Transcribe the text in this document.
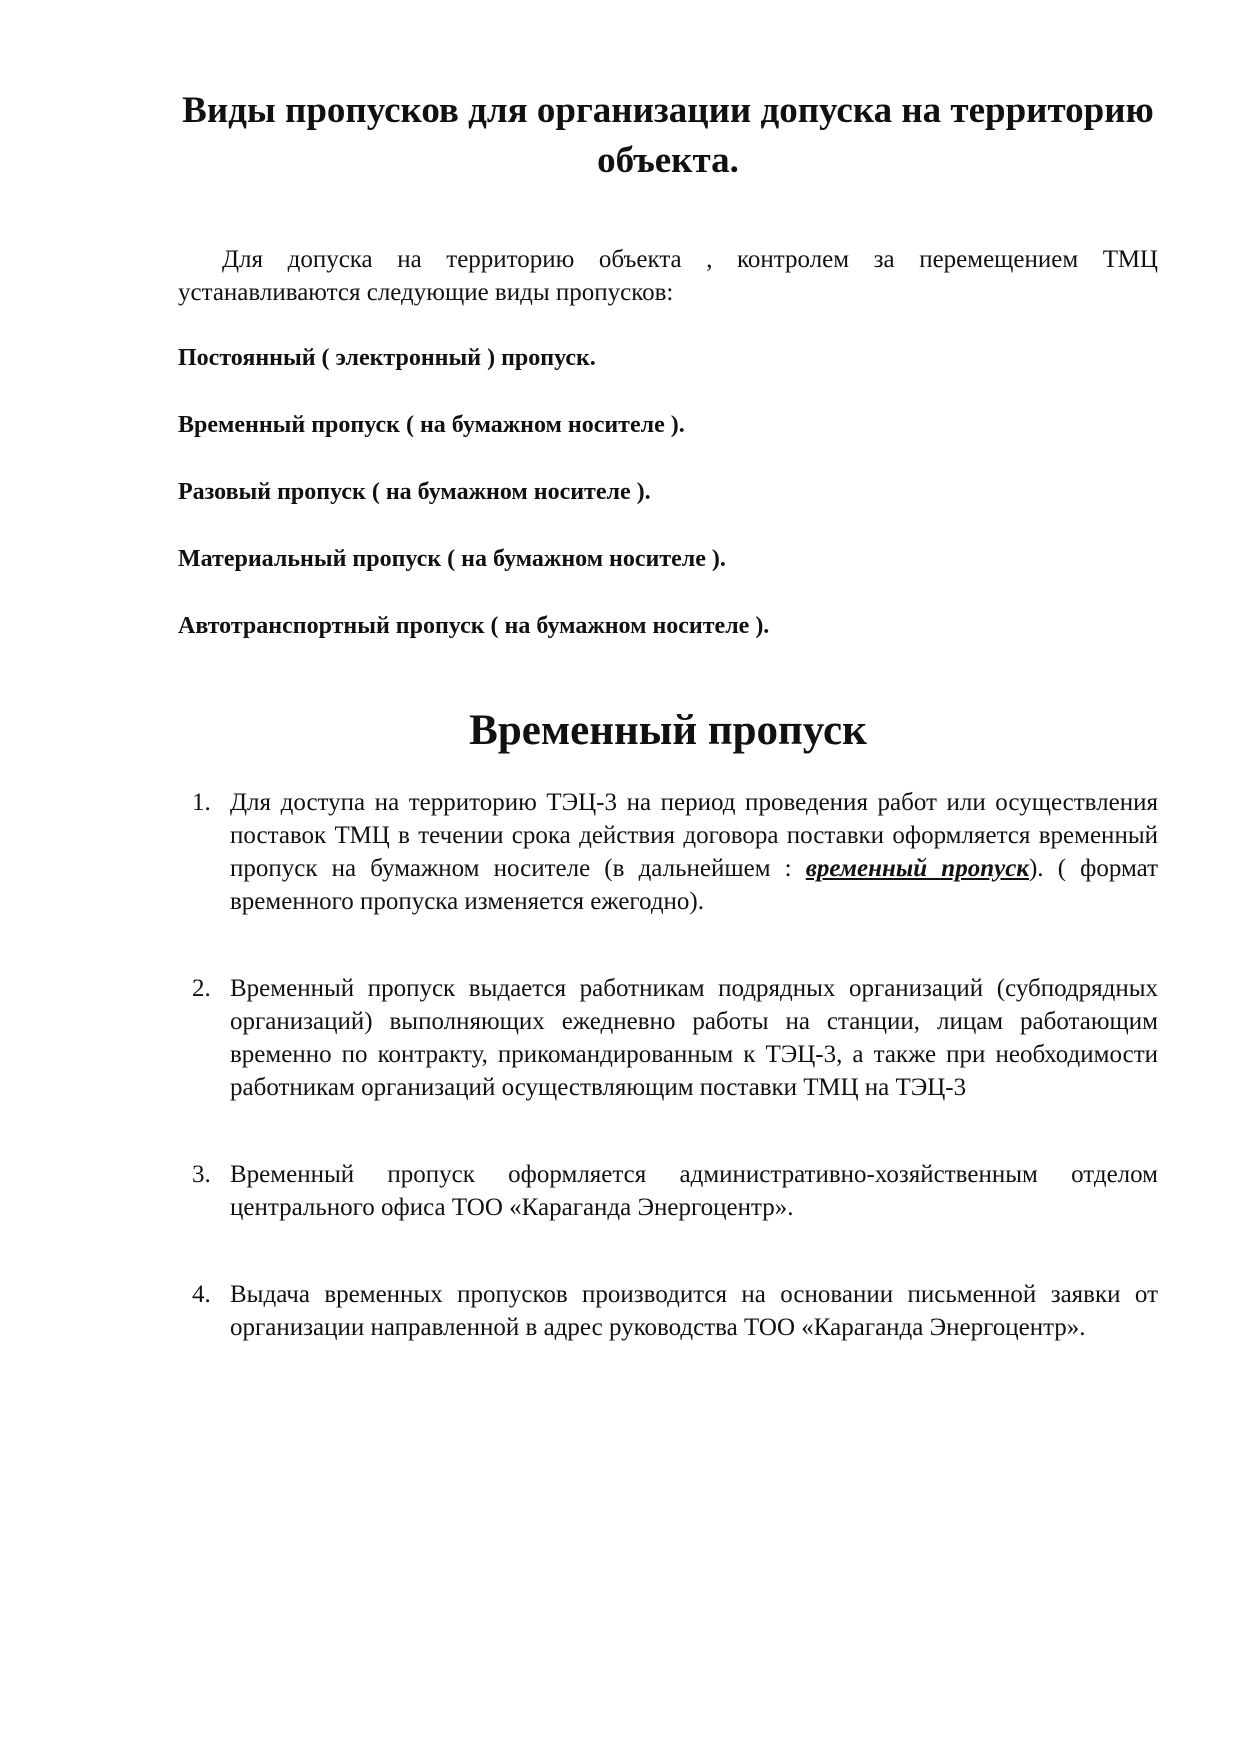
Виды пропусков для организации допуска на территорию объекта.

Для допуска на территорию объекта , контролем за перемещением ТМЦ устанавливаются следующие виды пропусков:

Постоянный ( электронный ) пропуск.
Временный пропуск ( на бумажном носителе ).
Разовый пропуск ( на бумажном носителе ).
Материальный пропуск ( на бумажном носителе ).
Автотранспортный пропуск ( на бумажном носителе ).
Временный пропуск
1. Для доступа на территорию ТЭЦ-3 на период проведения работ или осуществления поставок ТМЦ в течении срока действия договора поставки оформляется временный пропуск на бумажном носителе (в дальнейшем : временный пропуск). ( формат временного пропуска изменяется ежегодно).
2. Временный пропуск выдается работникам подрядных организаций (субподрядных организаций) выполняющих ежедневно работы на станции, лицам работающим временно по контракту, прикомандированным к ТЭЦ-3, а также при необходимости работникам организаций осуществляющим поставки ТМЦ на ТЭЦ-3
3. Временный пропуск оформляется административно-хозяйственным отделом центрального офиса ТОО «Караганда Энергоцентр».
4. Выдача временных пропусков производится на основании письменной заявки от организации направленной в адрес руководства ТОО «Караганда Энергоцентр».
